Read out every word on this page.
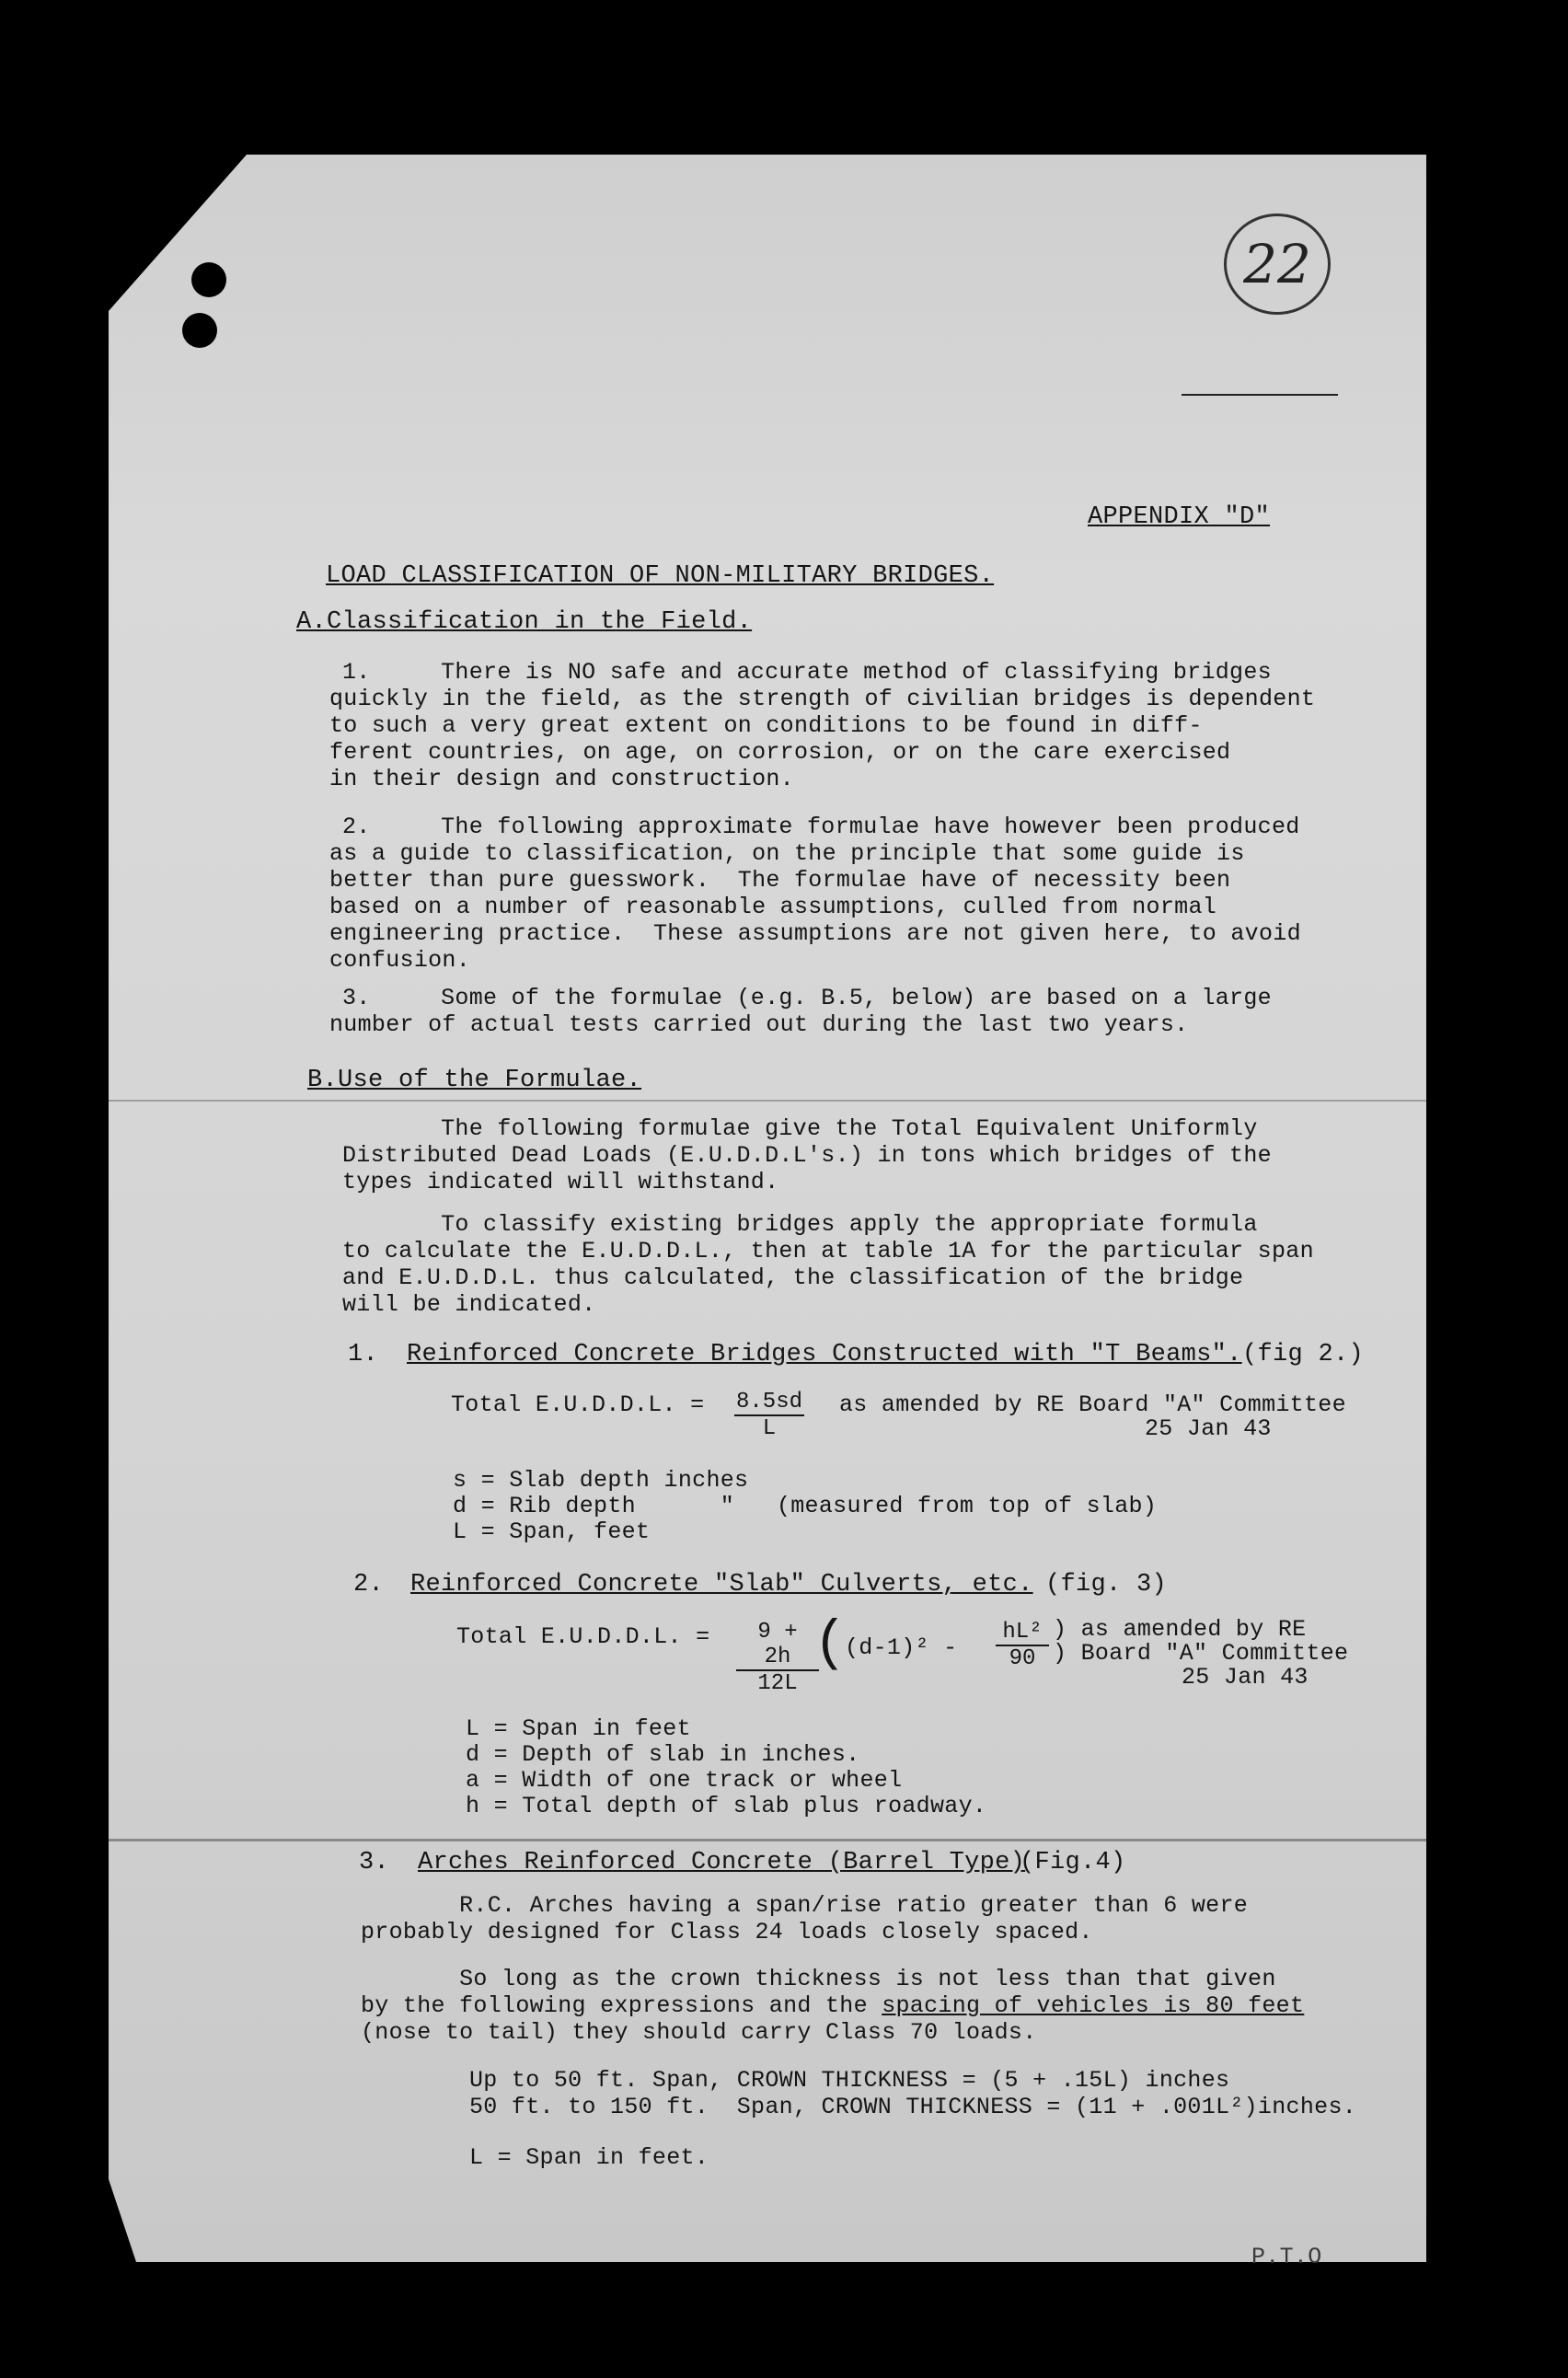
22
APPENDIX "D"
LOAD CLASSIFICATION OF NON-MILITARY BRIDGES.
A.Classification in the Field.
1.     There is NO safe and accurate method of classifying bridges
quickly in the field, as the strength of civilian bridges is dependent
to such a very great extent on conditions to be found in diff-
ferent countries, on age, on corrosion, or on the care exercised
in their design and construction.
2.     The following approximate formulae have however been produced
as a guide to classification, on the principle that some guide is
better than pure guesswork.  The formulae have of necessity been
based on a number of reasonable assumptions, culled from normal
engineering practice.  These assumptions are not given here, to avoid
confusion.
3.     Some of the formulae (e.g. B.5, below) are based on a large
number of actual tests carried out during the last two years.
B.Use of the Formulae.
The following formulae give the Total Equivalent Uniformly
Distributed Dead Loads (E.U.D.D.L's.) in tons which bridges of the
types indicated will withstand.
To classify existing bridges apply the appropriate formula
to calculate the E.U.D.D.L., then at table 1A for the particular span
and E.U.D.D.L. thus calculated, the classification of the bridge
will be indicated.
1. Reinforced Concrete Bridges Constructed with "T Beams". (fig 2.)
Total E.U.D.D.L. = $\frac{8.5sd}{L}$ as amended by RE Board "A" Committee
25 Jan 43
s = Slab depth inches
d = Rib depth      "   (measured from top of slab)
L = Span, feet
2. Reinforced Concrete "Slab" Culverts, etc. (fig. 3)
Total E.U.D.D.L. = $\frac{9 + 2h}{12L}$
(
$(d-1)^2 - \frac{\text{hL²}}{90}$ ) as amended by RE
) Board "A" Committee
25 Jan 43
L = Span in feet
d = Depth of slab in inches.
a = Width of one track or wheel
h = Total depth of slab plus roadway.
3. Arches Reinforced Concrete (Barrel Type)
(Fig.4)
R.C. Arches having a span/rise ratio greater than 6 were
probably designed for Class 24 loads closely spaced.
So long as the crown thickness is not less than that given
by the following expressions and the spacing of vehicles is 80 feet
(nose to tail) they should carry Class 70 loads.
Up to 50 ft. Span, CROWN THICKNESS = (5 + .15L) inches
50 ft. to 150 ft.  Span, CROWN THICKNESS = (11 + .001L²)inches.
L = Span in feet.
P.T.O
